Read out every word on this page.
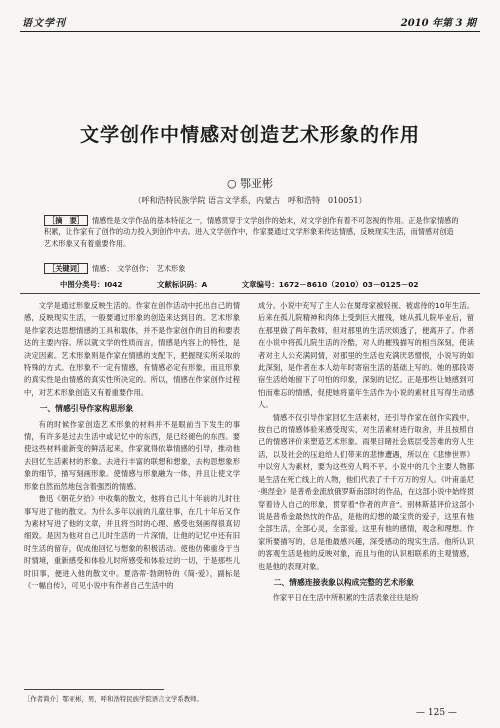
语文学刊	2010 年第 3 期
文学创作中情感对创造艺术形象的作用
○ 鄂亚彬
（呼和浩特民族学院 语言文学系，内蒙古　呼和浩特　010051）
［摘　要］ 情感性是文学作品的基本特征之一，情感贯穿于文学创作的始末，对文学创作有着不可忽视的作用。正是作家情感的积累，让作家有了创作的动力投入到创作中去。进入文学创作中，作家要通过文学形象来传达情感，反映现实生活，而情感对创造艺术形象又有着重要作用。
［关键词］ 情感；　文学创作；　艺术形象
中图分类号：I042	文献标识码：A	文章编号：1672－8610（2010）03－0125－02

文学是通过形象反映生活的。作家在创作活动中托出自己的情感，反映现实生活，一般要通过形象的创造来达到目的。艺术形象是作家表达思想情感的工具和载体，并不是作家创作的目的和要表达的主要内容。所以就文学的性质而言，情感是内容上的特性，是决定因素。艺术形象则是作家在情感的支配下，把握现实所采取的特殊的方式。在形象不一定有情感，有情感必定有形象，而且形象的真实性是由情感的真实性所决定的。所以，情感在作家创作过程中，对艺术形象创造又有着重要作用。

一、情感引导作家构思形象

有的时候作家创造艺术形象的材料并不是眼前当下发生的事情，有许多是过去生活中或记忆中的东西，是已经褪色的东西。要使这些材料重新变的鲜活起来，作家就得依靠情感的引导，推动他去回忆生活素材的形象。去进行丰富的联想和想象，去构思想象形象的细节，描写刻画形象。使情感与形象融为一体，并且让使文学形象自然而然地包含着强烈的情感。

鲁迅《朝花夕拾》中收集的散文，他将自己儿十年前的儿时往事写进了他的散文。为什么多年以前的儿童往事，在几十年后又作为素材写进了他的文章，并且将当时的心理、感受也刻画得很真切细致。是因为他对自己儿时生活的一片深情，让他的记忆中还有旧时生活的留存，促成他回忆与想象的积极活动。使他仿佛重身于当时情境，重新感受和体验儿时所感受和体验过的一切，于是那些儿时旧事，便进入他的散文中。夏洛蒂·勃朗特的《简·爱》，副标是《一幅自传》，可见小说中有作者自己生活中的

成分。小说中充写了主人公在舅母家被轻视、被虐待的10年生活。后来在孤儿院精神和肉体上受到巨大摧残，她从孤儿院毕业后，留在那里做了两年教师，但对那里的生活厌烦透了，便离开了。作者在小说中将孤儿院生活的冷酷，对人的摧残描写的相当深刻，使读者对主人公充满同情，对那里的生活也充满厌恶憎恨，小说写的如此深刻，是作者在本人幼年时寄宿生活的基础上写的。她的那段寄宿生活给她留下了可怕的印象，深刻的记忆。正是那些让她感到可怕而难忘的情感，促使她将童年生活作为小说的素材且写得生动感人。

情感不仅引导作家回忆生活素材，还引导作家在创作实践中，按自己的情感体验来感受现实，对生活素材进行取舍，并且按照自己的情感评价来塑造艺术形象。雨果目睹社会底层受苦难的穷人生活，以及社会的压迫给人们带来的悲惨遭遇，所以在《悲惨世界》中以穷人为素材，要为这些穷人鸣不平。小说中的几个主要人物都是生活在死亡线上的人物，他们代表了千千万万的穷人。《叶甫盖尼·奥涅金》是普希金流放俄罗斯南部时的作品，在这部小说中始终贯穿着诗人自己的形象，贯穿着"作者的声音"。别林斯基评价这部小说是普希金最热忱的作品，是他的幻想的最宝贵的爱子，这里有他全部生活，全部心灵，全部爱，这里有他的感情，观念和理想。作家所要描写的，总是他最感兴趣，深受感动的现实生活。他所认识的客观生活是他的反映对象，而且与他的认识相联系的主观情感，也是他的表现对象。

二、情感连接表象以构成完整的艺术形象

作家平日在生活中所积累的生活表象往往是纷

［作者简介］鄂亚彬，男，呼和浩特民族学院语言文学系教师。
— 125 —
